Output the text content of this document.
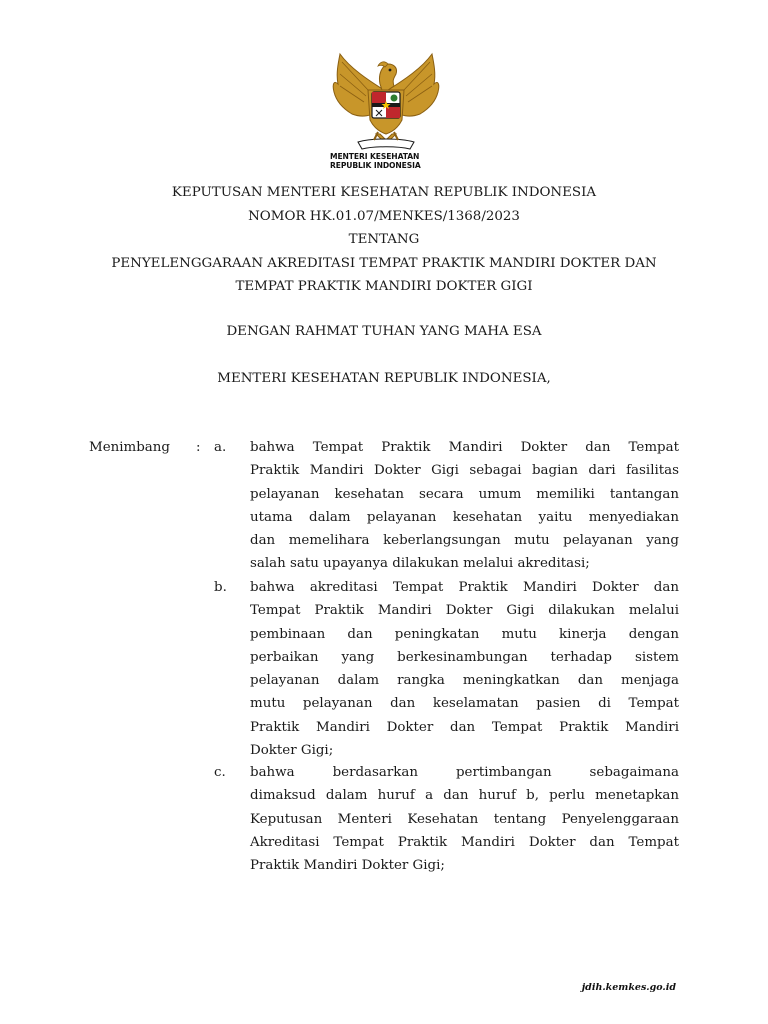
MENTERI KESEHATAN
REPUBLIK INDONESIA
KEPUTUSAN MENTERI KESEHATAN REPUBLIK INDONESIA
NOMOR HK.01.07/MENKES/1368/2023
TENTANG
PENYELENGGARAAN AKREDITASI TEMPAT PRAKTIK MANDIRI DOKTER DAN
TEMPAT PRAKTIK MANDIRI DOKTER GIGI
DENGAN RAHMAT TUHAN YANG MAHA ESA
MENTERI KESEHATAN REPUBLIK INDONESIA,
Menimbang : a. bahwa Tempat Praktik Mandiri Dokter dan Tempat
Praktik Mandiri Dokter Gigi sebagai bagian dari fasilitas
pelayanan kesehatan secara umum memiliki tantangan
utama dalam pelayanan kesehatan yaitu menyediakan
dan memelihara keberlangsungan mutu pelayanan yang
salah satu upayanya dilakukan melalui akreditasi;
b. bahwa akreditasi Tempat Praktik Mandiri Dokter dan
Tempat Praktik Mandiri Dokter Gigi dilakukan melalui
pembinaan dan peningkatan mutu kinerja dengan
perbaikan yang berkesinambungan terhadap sistem
pelayanan dalam rangka meningkatkan dan menjaga
mutu pelayanan dan keselamatan pasien di Tempat
Praktik Mandiri Dokter dan Tempat Praktik Mandiri
Dokter Gigi;
c. bahwa berdasarkan pertimbangan sebagaimana
dimaksud dalam huruf a dan huruf b, perlu menetapkan
Keputusan Menteri Kesehatan tentang Penyelenggaraan
Akreditasi Tempat Praktik Mandiri Dokter dan Tempat
Praktik Mandiri Dokter Gigi;
jdih.kemkes.go.id
